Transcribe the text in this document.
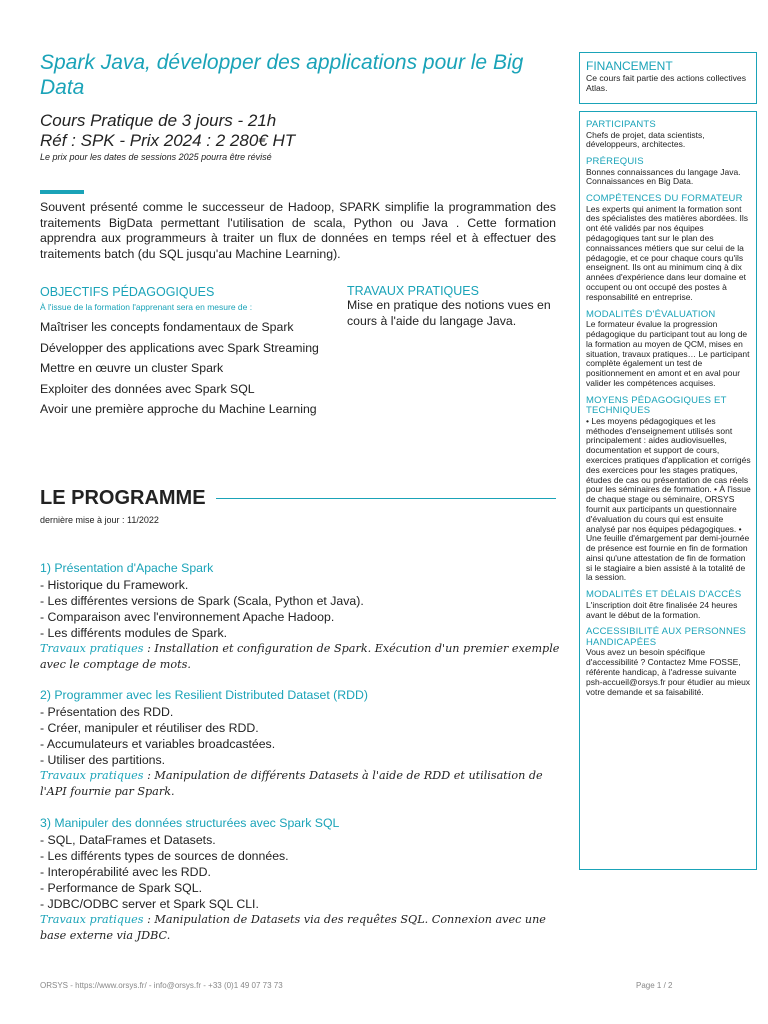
Spark Java, développer des applications pour le Big Data
Cours Pratique de 3 jours - 21h
Réf : SPK - Prix 2024 : 2 280€ HT
Le prix pour les dates de sessions 2025 pourra être révisé

Souvent présenté comme le successeur de Hadoop, SPARK simplifie la programmation des traitements BigData permettant l'utilisation de scala, Python ou Java . Cette formation apprendra aux programmeurs à traiter un flux de données en temps réel et à effectuer des traitements batch (du SQL jusqu'au Machine Learning).

OBJECTIFS PÉDAGOGIQUES
À l'issue de la formation l'apprenant sera en mesure de :
Maîtriser les concepts fondamentaux de Spark
Développer des applications avec Spark Streaming
Mettre en œuvre un cluster Spark
Exploiter des données avec Spark SQL
Avoir une première approche du Machine Learning
TRAVAUX PRATIQUES

Mise en pratique des notions vues en cours à l'aide du langage Java.

LE PROGRAMME
dernière mise à jour : 11/2022
1) Présentation d'Apache Spark
- Historique du Framework.
- Les différentes versions de Spark (Scala, Python et Java).
- Comparaison avec l'environnement Apache Hadoop.
- Les différents modules de Spark.
Travaux pratiques : Installation et configuration de Spark. Exécution d'un premier exemple avec le comptage de mots.
2) Programmer avec les Resilient Distributed Dataset (RDD)
- Présentation des RDD.
- Créer, manipuler et réutiliser des RDD.
- Accumulateurs et variables broadcastées.
- Utiliser des partitions.
Travaux pratiques : Manipulation de différents Datasets à l'aide de RDD et utilisation de l'API fournie par Spark.
3) Manipuler des données structurées avec Spark SQL
- SQL, DataFrames et Datasets.
- Les différents types de sources de données.
- Interopérabilité avec les RDD.
- Performance de Spark SQL.
- JDBC/ODBC server et Spark SQL CLI.
Travaux pratiques : Manipulation de Datasets via des requêtes SQL. Connexion avec une base externe via JDBC.
FINANCEMENT
Ce cours fait partie des actions collectives Atlas.
PARTICIPANTS

Chefs de projet, data scientists, développeurs, architectes.

PRÉREQUIS

Bonnes connaissances du langage Java. Connaissances en Big Data.

COMPÉTENCES DU FORMATEUR

Les experts qui animent la formation sont des spécialistes des matières abordées. Ils ont été validés par nos équipes pédagogiques tant sur le plan des connaissances métiers que sur celui de la pédagogie, et ce pour chaque cours qu'ils enseignent. Ils ont au minimum cinq à dix années d'expérience dans leur domaine et occupent ou ont occupé des postes à responsabilité en entreprise.

MODALITÉS D'ÉVALUATION

Le formateur évalue la progression pédagogique du participant tout au long de la formation au moyen de QCM, mises en situation, travaux pratiques… Le participant complète également un test de positionnement en amont et en aval pour valider les compétences acquises.

MOYENS PÉDAGOGIQUES ET TECHNIQUES

• Les moyens pédagogiques et les méthodes d'enseignement utilisés sont principalement : aides audiovisuelles, documentation et support de cours, exercices pratiques d'application et corrigés des exercices pour les stages pratiques, études de cas ou présentation de cas réels pour les séminaires de formation. • À l'issue de chaque stage ou séminaire, ORSYS fournit aux participants un questionnaire d'évaluation du cours qui est ensuite analysé par nos équipes pédagogiques. • Une feuille d'émargement par demi-journée de présence est fournie en fin de formation ainsi qu'une attestation de fin de formation si le stagiaire a bien assisté à la totalité de la session.

MODALITÉS ET DÉLAIS D'ACCÈS

L'inscription doit être finalisée 24 heures avant le début de la formation.

ACCESSIBILITÉ AUX PERSONNES HANDICAPÉES

Vous avez un besoin spécifique d'accessibilité ? Contactez Mme FOSSE, référente handicap, à l'adresse suivante psh-accueil@orsys.fr pour étudier au mieux votre demande et sa faisabilité.

ORSYS - https://www.orsys.fr/ - info@orsys.fr - +33 (0)1 49 07 73 73	Page 1 / 2
